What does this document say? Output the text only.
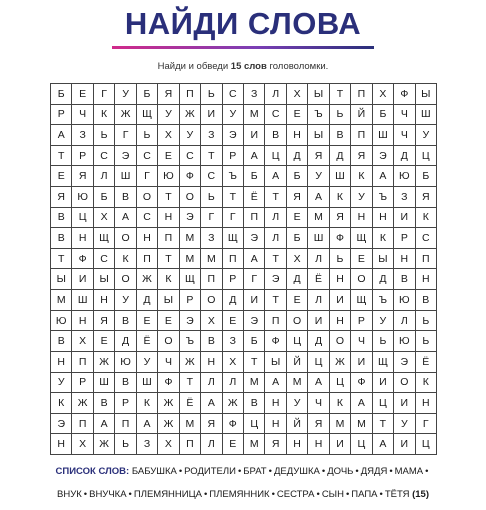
НАЙДИ СЛОВА
Найди и обведи 15 слов головоломки.
Б	Е	Г	У	Б	Я	П	Ь	С	З	Л	Х	Ы	Т	П	Х	Ф	Ы
Р	Ч	К	Ж	Щ	У	Ж	И	У	М	С	Е	Ъ	Ь	Й	Б	Ч	Ш
А	З	Ь	Г	Ь	Х	У	З	Э	И	В	Н	Ы	В	П	Ш	Ч	У
Т	Р	С	Э	С	Е	С	Т	Р	А	Ц	Д	Я	Д	Я	Э	Д	Ц
Е	Я	Л	Ш	Г	Ю	Ф	С	Ъ	Б	А	Б	У	Ш	К	А	Ю	Б
Я	Ю	Б	В	О	Т	О	Ь	Т	Ё	Т	Я	А	К	У	Ъ	З	Я
В	Ц	Х	А	С	Н	Э	Г	Г	П	Л	Е	М	Я	Н	Н	И	К
В	Н	Щ	О	Н	П	М	З	Щ	Э	Л	Б	Ш	Ф	Щ	К	Р	С
Т	Ф	С	К	П	Т	М	М	П	А	Т	Х	Л	Ь	Е	Ы	Н	П
Ы	И	Ы	О	Ж	К	Щ	П	Р	Г	Э	Д	Ё	Н	О	Д	В	Н
М	Ш	Н	У	Д	Ы	Р	О	Д	И	Т	Е	Л	И	Щ	Ъ	Ю	В
Ю	Н	Я	В	Е	Е	Э	Х	Е	Э	П	О	И	Н	Р	У	Л	Ь
В	Х	Е	Д	Ё	О	Ъ	В	З	Б	Ф	Ц	Д	О	Ч	Ь	Ю	Ь
Н	П	Ж	Ю	У	Ч	Ж	Н	Х	Т	Ы	Й	Ц	Ж	И	Щ	Э	Ё
У	Р	Ш	В	Ш	Ф	Т	Л	Л	М	А	М	А	Ц	Ф	И	О	К
К	Ж	В	Р	К	Ж	Ё	А	Ж	В	Н	У	Ч	К	А	Ц	И	Н
Э	П	А	П	А	Ж	М	Я	Ф	Ц	Н	Й	Я	М	М	Т	У	Г
Н	Х	Ж	Ь	З	Х	П	Л	Е	М	Я	Н	Н	И	Ц	А	И	Ц
СПИСОК СЛОВ: БАБУШКА • РОДИТЕЛИ • БРАТ • ДЕДУШКА • ДОЧЬ • ДЯДЯ • МАМА •
ВНУК • ВНУЧКА • ПЛЕМЯННИЦА • ПЛЕМЯННИК • СЕСТРА • СЫН • ПАПА • ТЁТЯ (15)
